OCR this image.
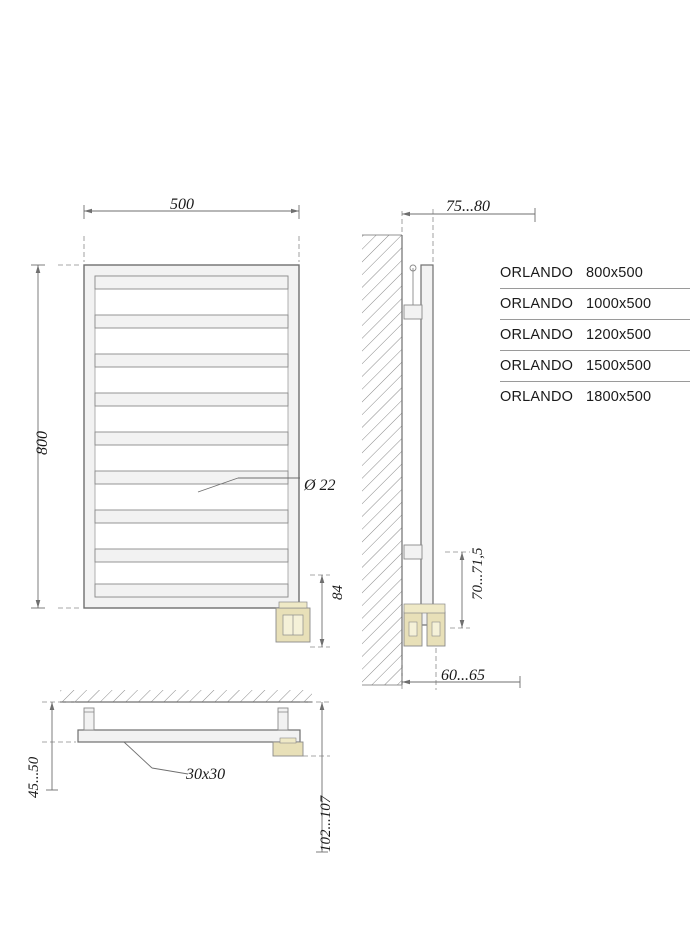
500
800
84
Ø 22
75...80
70...71,5
60...65
45...50
102...107
30x30
ORLANDO 800x500
ORLANDO 1000x500
ORLANDO 1200x500
ORLANDO 1500x500
ORLANDO 1800x500
